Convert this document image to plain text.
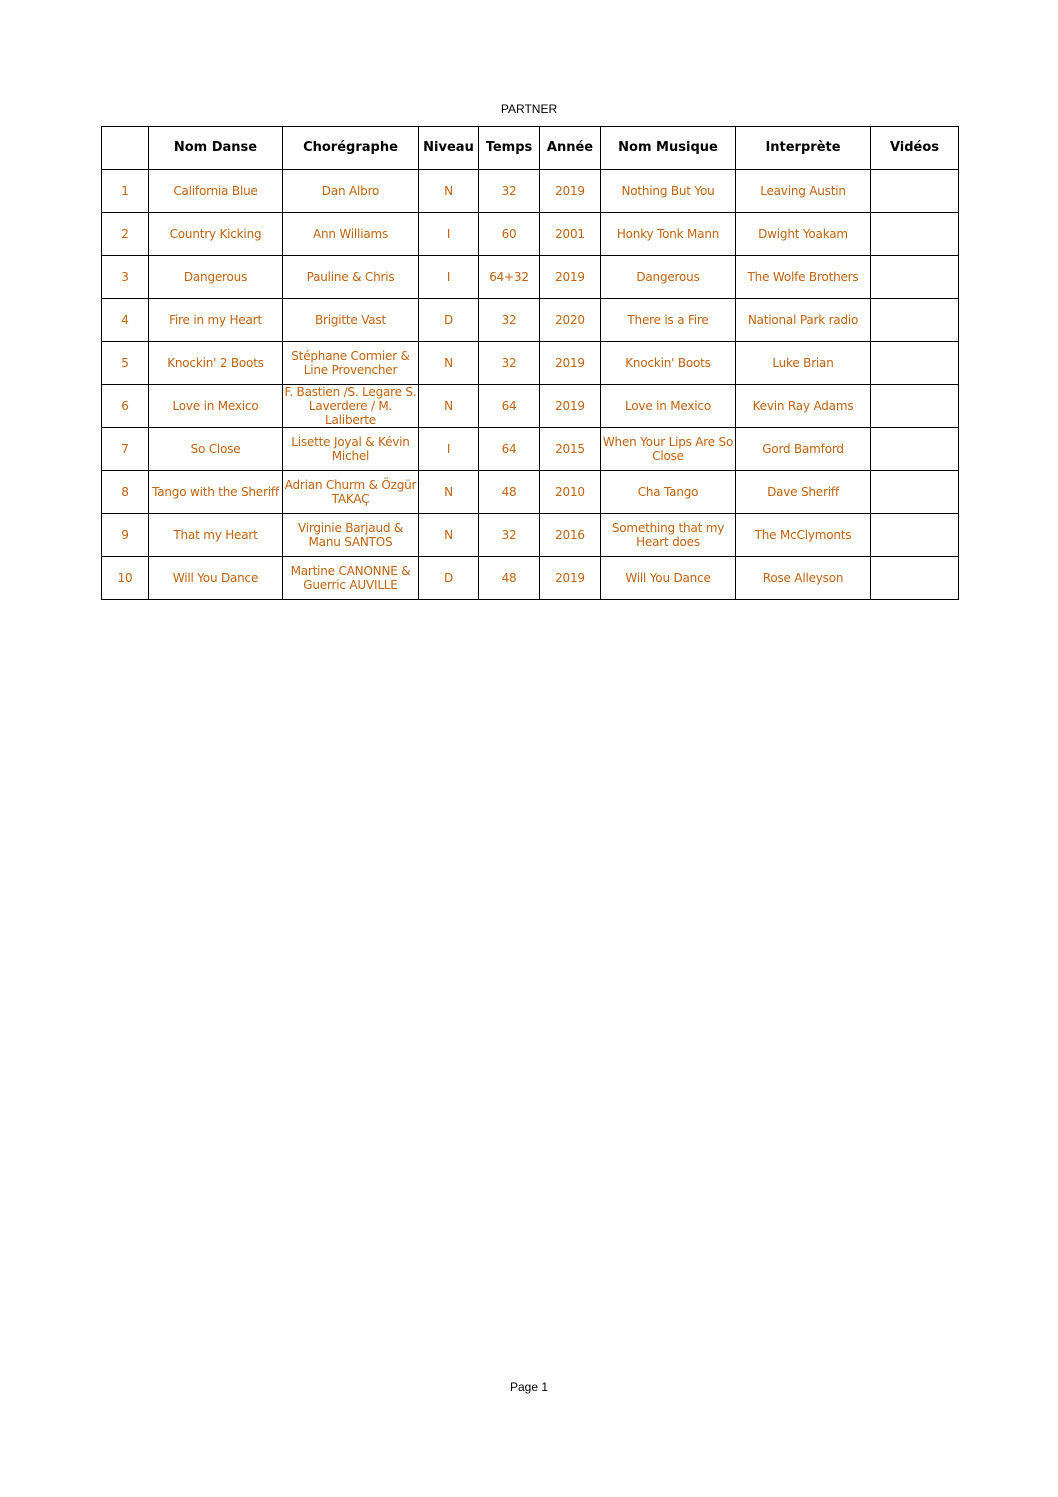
PARTNER
	Nom Danse	Chorégraphe	Niveau	Temps	Année	Nom Musique	Interprète	Vidéos
1	California Blue	Dan Albro	N	32	2019	Nothing But You	Leaving Austin	
2	Country Kicking	Ann Williams	I	60	2001	Honky Tonk Mann	Dwight Yoakam	
3	Dangerous	Pauline & Chris	I	64+32	2019	Dangerous	The Wolfe Brothers	
4	Fire in my Heart	Brigitte Vast	D	32	2020	There is a Fire	National Park radio	
5	Knockin' 2 Boots	Stéphane Cormier & Line Provencher	N	32	2019	Knockin' Boots	Luke Brian	
6	Love in Mexico	F. Bastien /S. Legare S. Laverdere / M. Laliberte	N	64	2019	Love in Mexico	Kevin Ray Adams	
7	So Close	Lisette Joyal & Kévin Michel	I	64	2015	When Your Lips Are So Close	Gord Bamford	
8	Tango with the Sheriff	Adrian Churm & Özgür TAKAÇ	N	48	2010	Cha Tango	Dave Sheriff	
9	That my Heart	Virginie Barjaud & Manu SANTOS	N	32	2016	Something that my Heart does	The McClymonts	
10	Will You Dance	Martine CANONNE & Guerric AUVILLE	D	48	2019	Will You Dance	Rose Alleyson	
Page 1
